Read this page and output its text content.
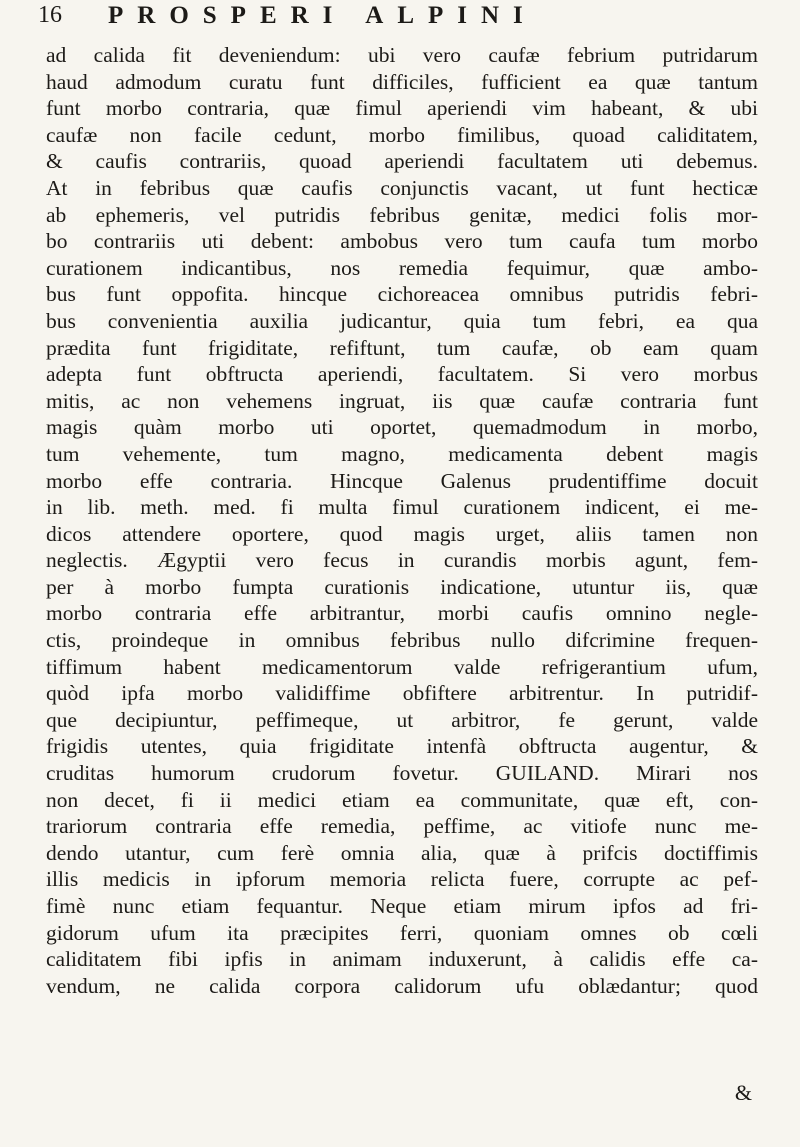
16 PROSPERI ALPINI
ad calida fit deveniendum: ubi vero caufæ febrium putridarum
haud admodum curatu funt difficiles, fufficient ea quæ tantum
funt morbo contraria, quæ fimul aperiendi vim habeant, & ubi
caufæ non facile cedunt, morbo fimilibus, quoad caliditatem,
& caufis contrariis, quoad aperiendi facultatem uti debemus.
At in febribus quæ caufis conjunctis vacant, ut funt hecticæ
ab ephemeris, vel putridis febribus genitæ, medici folis mor-
bo contrariis uti debent: ambobus vero tum caufa tum morbo
curationem indicantibus, nos remedia fequimur, quæ ambo-
bus funt oppofita. hincque cichoreacea omnibus putridis febri-
bus convenientia auxilia judicantur, quia tum febri, ea qua
prædita funt frigiditate, refiftunt, tum caufæ, ob eam quam
adepta funt obftructa aperiendi, facultatem. Si vero morbus
mitis, ac non vehemens ingruat, iis quæ caufæ contraria funt
magis quàm morbo uti oportet, quemadmodum in morbo,
tum vehemente, tum magno, medicamenta debent magis
morbo effe contraria. Hincque Galenus prudentiffime docuit
in lib. meth. med. fi multa fimul curationem indicent, ei me-
dicos attendere oportere, quod magis urget, aliis tamen non
neglectis. Ægyptii vero fecus in curandis morbis agunt, fem-
per à morbo fumpta curationis indicatione, utuntur iis, quæ
morbo contraria effe arbitrantur, morbi caufis omnino negle-
ctis, proindeque in omnibus febribus nullo difcrimine frequen-
tiffimum habent medicamentorum valde refrigerantium ufum,
quòd ipfa morbo validiffime obfiftere arbitrentur. In putridif-
que decipiuntur, peffimeque, ut arbitror, fe gerunt, valde
frigidis utentes, quia frigiditate intenfà obftructa augentur, &
cruditas humorum crudorum fovetur. GUILAND. Mirari nos
non decet, fi ii medici etiam ea communitate, quæ eft, con-
trariorum contraria effe remedia, peffime, ac vitiofe nunc me-
dendo utantur, cum ferè omnia alia, quæ à prifcis doctiffimis
illis medicis in ipforum memoria relicta fuere, corrupte ac pef-
fimè nunc etiam fequantur. Neque etiam mirum ipfos ad fri-
gidorum ufum ita præcipites ferri, quoniam omnes ob cœli
caliditatem fibi ipfis in animam induxerunt, à calidis effe ca-
vendum, ne calida corpora calidorum ufu oblædantur; quod
&
